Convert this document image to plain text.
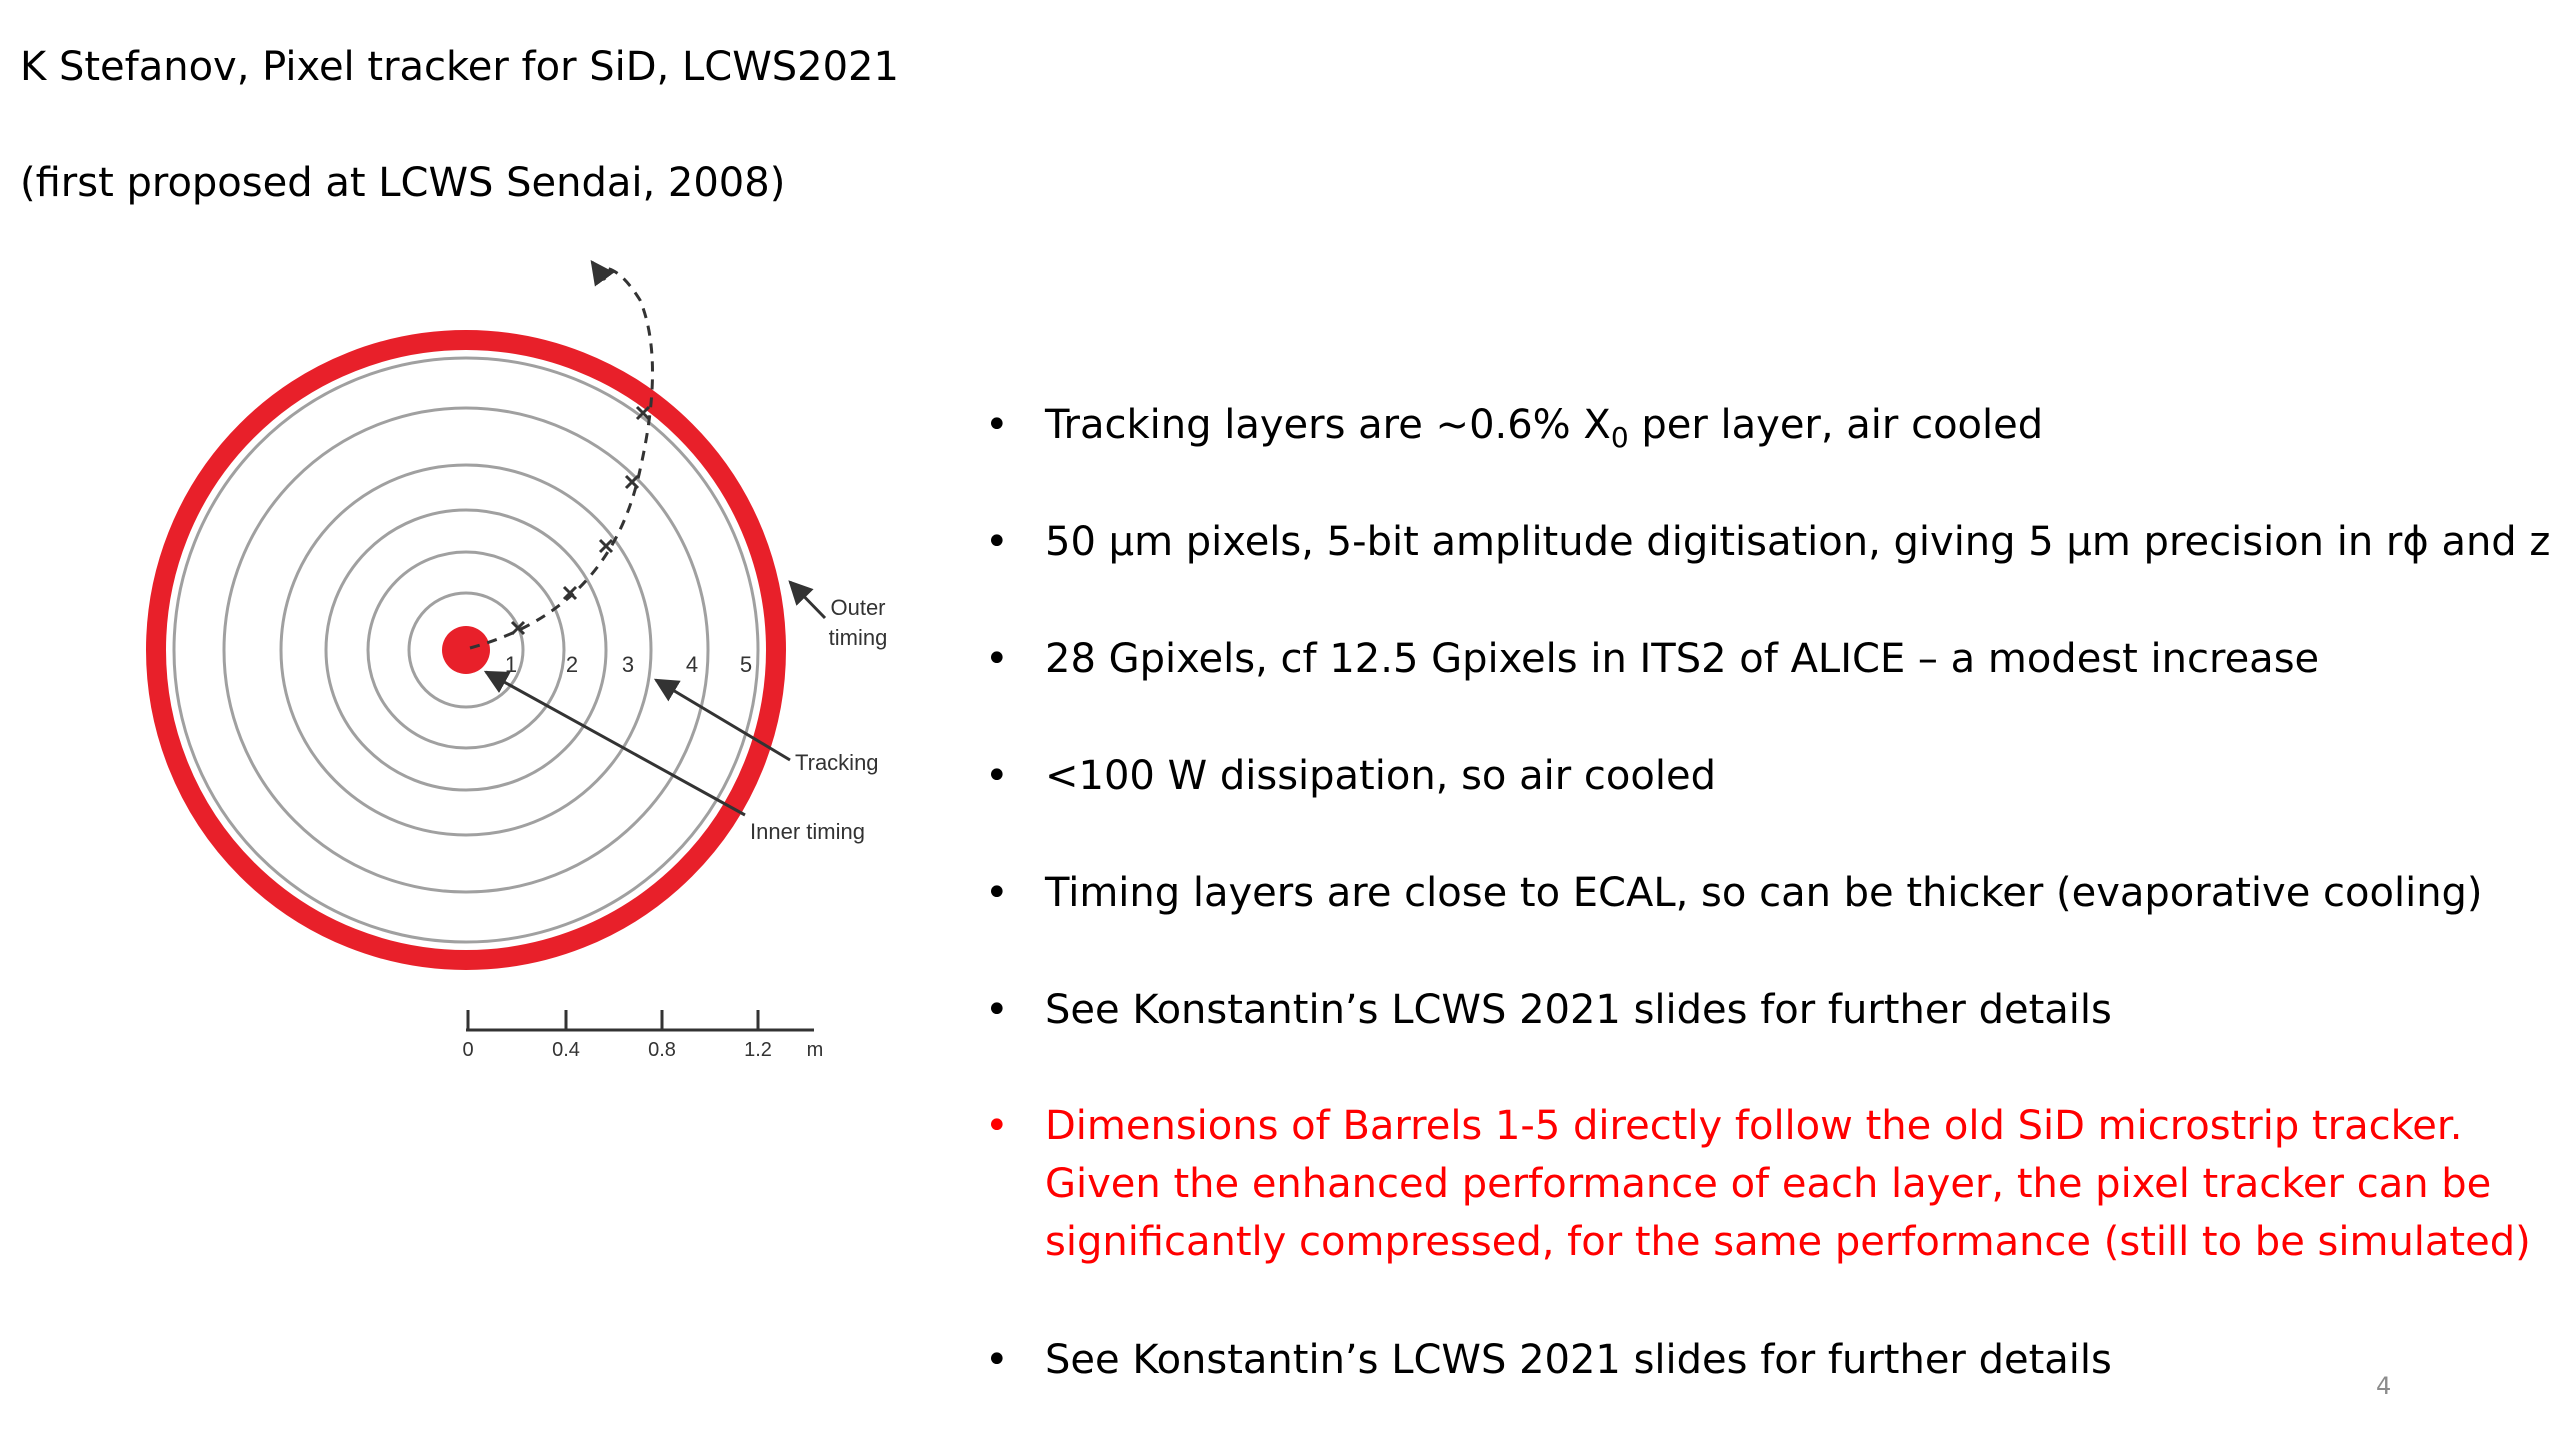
K Stefanov, Pixel tracker for SiD, LCWS2021
(first proposed at LCWS Sendai, 2008)
Outer
timing
Tracking
Inner timing
1 2 3 4 5
0	0.4	0.8	1.2 m
• Tracking layers are ~0.6% $X_0$ per layer, air cooled
• 50 µm pixels, 5-bit amplitude digitisation, giving 5 µm precision in rϕ and z
• 28 Gpixels, cf 12.5 Gpixels in ITS2 of ALICE – a modest increase
• <100 W dissipation, so air cooled
• Timing layers are close to ECAL, so can be thicker (evaporative cooling)
• See Konstantin’s LCWS 2021 slides for further details
• Dimensions of Barrels 1-5 directly follow the old SiD microstrip tracker.
Given the enhanced performance of each layer, the pixel tracker can be
significantly compressed, for the same performance (still to be simulated)
• See Konstantin’s LCWS 2021 slides for further details
4
